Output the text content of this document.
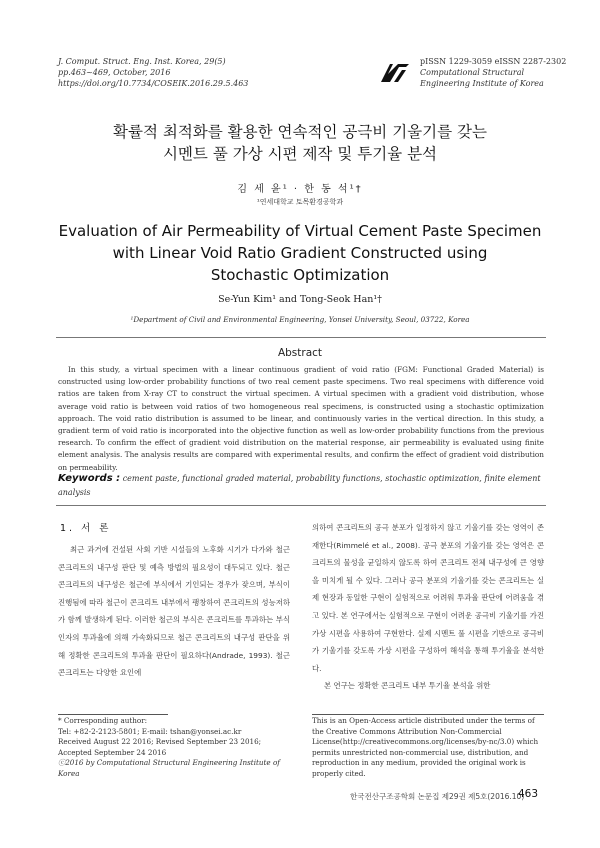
J. Comput. Struct. Eng. Inst. Korea, 29(5)
pp.463~469, October, 2016
https://doi.org/10.7734/COSEIK.2016.29.5.463
pISSN 1229-3059 eISSN 2287-2302
Computational Structural
Engineering Institute of Korea
확률적 최적화를 활용한 연속적인 공극비 기울기를 갖는
시멘트 풀 가상 시편 제작 및 투기율 분석
김 세 윤¹ · 한 동 석¹†
¹연세대학교 토목환경공학과
Evaluation of Air Permeability of Virtual Cement Paste Specimen
with Linear Void Ratio Gradient Constructed using
Stochastic Optimization
Se-Yun Kim¹ and Tong-Seok Han¹†
¹Department of Civil and Environmental Engineering, Yonsei University, Seoul, 03722, Korea
Abstract
In this study, a virtual specimen with a linear continuous gradient of void ratio (FGM: Functional Graded Material) is constructed using low-order probability functions of two real cement paste specimens. Two real specimens with difference void ratios are taken from X-ray CT to construct the virtual specimen. A virtual specimen with a gradient void distribution, whose average void ratio is between void ratios of two homogeneous real specimens, is constructed using a stochastic optimization approach. The void ratio distribution is assumed to be linear, and continuously varies in the vertical direction. In this study, a gradient term of void ratio is incorporated into the objective function as well as low-order probability functions from the previous research. To confirm the effect of gradient void distribution on the material response, air permeability is evaluated using finite element analysis. The analysis results are compared with experimental results, and confirm the effect of gradient void distribution on permeability.
Keywords : cement paste, functional graded material, probability functions, stochastic optimization, finite element analysis
1. 서 론

최근 과거에 건설된 사회 기반 시설들의 노후화 시기가 다가와 철근 콘크리트의 내구성 판단 및 예측 방법의 필요성이 대두되고 있다. 철근 콘크리트의 내구성은 철근에 부식에서 기인되는 경우가 잦으며, 부식이 진행됨에 따라 철근이 콘크리트 내부에서 팽창하여 콘크리트의 성능저하가 함께 발생하게 된다. 이러한 철근의 부식은 콘크리트를 투과하는 부식인자의 투과율에 의해 가속화되므로 철근 콘크리트의 내구성 판단을 위해 정확한 콘크리트의 투과율 판단이 필요하다(Andrade, 1993). 철근 콘크리트는 다양한 요인에

의하여 콘크리트의 공극 분포가 일정하지 않고 기울기를 갖는 영역이 존재한다(Rimmelé et al., 2008). 공극 분포의 기울기를 갖는 영역은 콘크리트의 물성을 균일하지 않도록 하여 콘크리트 전체 내구성에 큰 영향을 미치게 될 수 있다. 그러나 공극 분포의 기울기를 갖는 콘크리트는 실제 현장과 동일한 구현이 실험적으로 어려워 투과율 판단에 어려움을 겪고 있다. 본 연구에서는 실험적으로 구현이 어려운 공극비 기울기를 가진 가상 시편을 사용하여 구현한다. 실제 시멘트 풀 시편을 기반으로 공극비가 기울기를 갖도록 가상 시편을 구성하여 해석을 통해 투기율을 분석한다.

본 연구는 정확한 콘크리트 내부 투기율 분석을 위한

* Corresponding author:
Tel: +82-2-2123-5801; E-mail: tshan@yonsei.ac.kr
Received August 22 2016; Revised September 23 2016;
Accepted September 24 2016
ⓒ2016 by Computational Structural Engineering Institute of Korea
This is an Open-Access article distributed under the terms of the Creative Commons Attribution Non-Commercial License(http://creativecommons.org/licenses/by-nc/3.0) which permits unrestricted non-commercial use, distribution, and reproduction in any medium, provided the original work is properly cited.
한국전산구조공학회 논문집 제29권 제5호(2016.10)
463
